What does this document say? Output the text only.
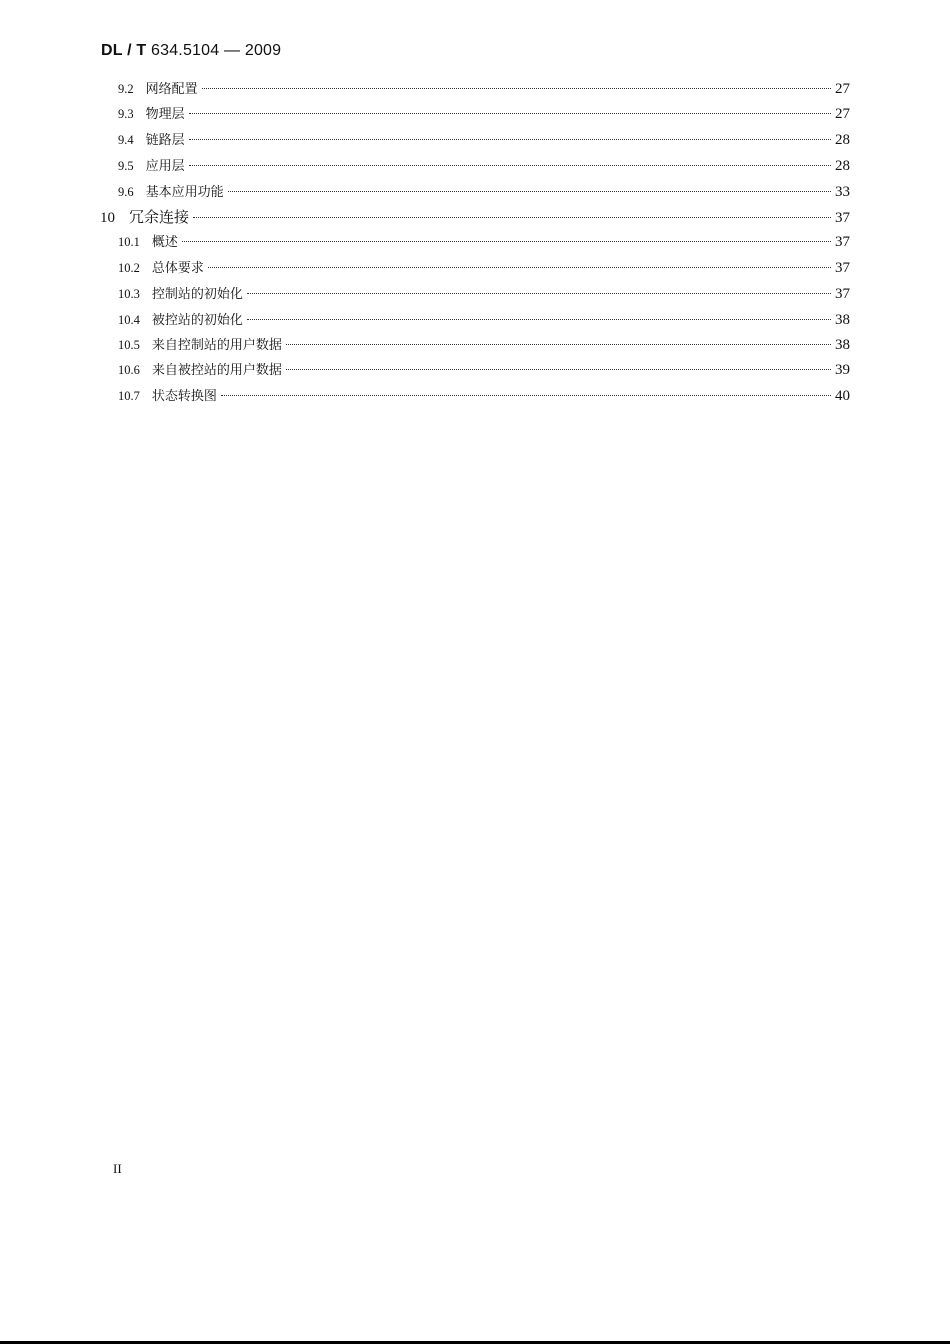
DL / T 634.5104 — 2009
9.2 网络配置	27
9.3 物理层	27
9.4 链路层	28
9.5 应用层	28
9.6 基本应用功能	33
10 冗余连接	37
10.1 概述	37
10.2 总体要求	37
10.3 控制站的初始化	37
10.4 被控站的初始化	38
10.5 来自控制站的用户数据	38
10.6 来自被控站的用户数据	39
10.7 状态转换图	40
II
